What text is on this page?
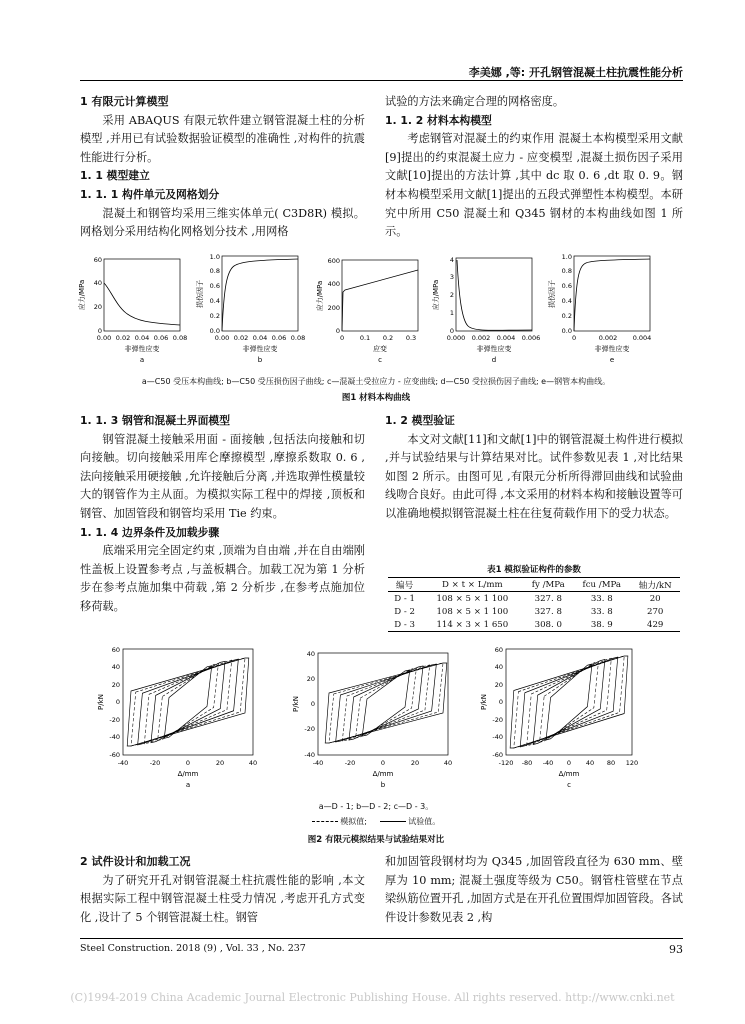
李美娜 ,等: 开孔钢管混凝土柱抗震性能分析

1 有限元计算模型

采用 ABAQUS 有限元软件建立钢管混凝土柱的分析模型 ,并用已有试验数据验证模型的准确性 ,对构件的抗震性能进行分析。

1. 1 模型建立

1. 1. 1 构件单元及网格划分

混凝土和钢管均采用三维实体单元( C3D8R) 模拟。网格划分采用结构化网格划分技术 ,用网格

试验的方法来确定合理的网格密度。

1. 1. 2 材料本构模型

考虑钢管对混凝土的约束作用 混凝土本构模型采用文献[9]提出的约束混凝土应力 - 应变模型 ,混凝土损伤因子采用文献[10]提出的方法计算 ,其中 dc 取 0. 6 ,dt 取 0. 9。钢材本构模型采用文献[1]提出的五段式弹塑性本构模型。本研究中所用 C50 混凝土和 Q345 钢材的本构曲线如图 1 所示。

0
20
40
60
0.00 0.02 0.04 0.06 0.08
非弹性应变
a
应力/MPa
0.0
0.2
0.4
0.6
0.8
1.0
0.00 0.02 0.04 0.06 0.08
非弹性应变
b
损伤因子
0
200
400
600
0 0.1 0.2 0.3
应变
c
应力/MPa
0
1
2
3
4
0.000 0.002 0.004 0.006
非弹性应变
d
应力/MPa
0.0
0.2
0.4
0.6
0.8
1.0
0	0.002 0.004
非弹性应变
e
损伤因子
a—C50 受压本构曲线; b—C50 受压损伤因子曲线; c—混凝土受拉应力 - 应变曲线; d—C50 受拉损伤因子曲线; e—钢管本构曲线。
图1 材料本构曲线

1. 1. 3 钢管和混凝土界面模型

钢管混凝土接触采用面 - 面接触 ,包括法向接触和切向接触。切向接触采用库仑摩擦模型 ,摩擦系数取 0. 6 ,法向接触采用硬接触 ,允许接触后分离 ,并选取弹性模量较大的钢管作为主从面。为模拟实际工程中的焊接 ,顶板和钢管、加固管段和钢管均采用 Tie 约束。

1. 1. 4 边界条件及加载步骤

底端采用完全固定约束 ,顶端为自由端 ,并在自由端刚性盖板上设置参考点 ,与盖板耦合。加载工况为第 1 分析步在参考点施加集中荷载 ,第 2 分析步 ,在参考点施加位移荷载。

1. 2 模型验证

本文对文献[11]和文献[1]中的钢管混凝土构件进行模拟 ,并与试验结果与计算结果对比。试件参数见表 1 ,对比结果如图 2 所示。由图可见 ,有限元分析所得滞回曲线和试验曲线吻合良好。由此可得 ,本文采用的材料本构和接触设置等可以准确地模拟钢管混凝土柱在往复荷载作用下的受力状态。

表1 模拟验证构件的参数
编号	D × t × L/mm	fy /MPa	fcu /MPa	轴力/kN
D - 1	108 × 5 × 1 100	327. 8	33. 8	20
D - 2	108 × 5 × 1 100	327. 8	33. 8	270
D - 3	114 × 3 × 1 650	308. 0	38. 9	429
-60
-40
-20
0
20
40
60
-40	-20	0	20	40
Δ/mm
a
P/kN
-40
-20
0
20
40
-40	-20	0	20	40
Δ/mm
b
P/kN
-60
-40
-20
0
20
40
60
-120 -80 -40 0 40 80 120
Δ/mm
c
P/kN
a—D - 1; b—D - 2; c—D - 3。
模拟值;	试验值。
图2 有限元模拟结果与试验结果对比

2 试件设计和加载工况

为了研究开孔对钢管混凝土柱抗震性能的影响 ,本文根据实际工程中钢管混凝土柱受力情况 ,考虑开孔方式变化 ,设计了 5 个钢管混凝土柱。钢管

和加固管段钢材均为 Q345 ,加固管段直径为 630 mm、壁厚为 10 mm; 混凝土强度等级为 C50。钢管柱管壁在节点梁纵筋位置开孔 ,加固方式是在开孔位置围焊加固管段。各试件设计参数见表 2 ,构

Steel Construction. 2018 (9) , Vol. 33 , No. 237	93
(C)1994-2019 China Academic Journal Electronic Publishing House. All rights reserved. http://www.cnki.net
